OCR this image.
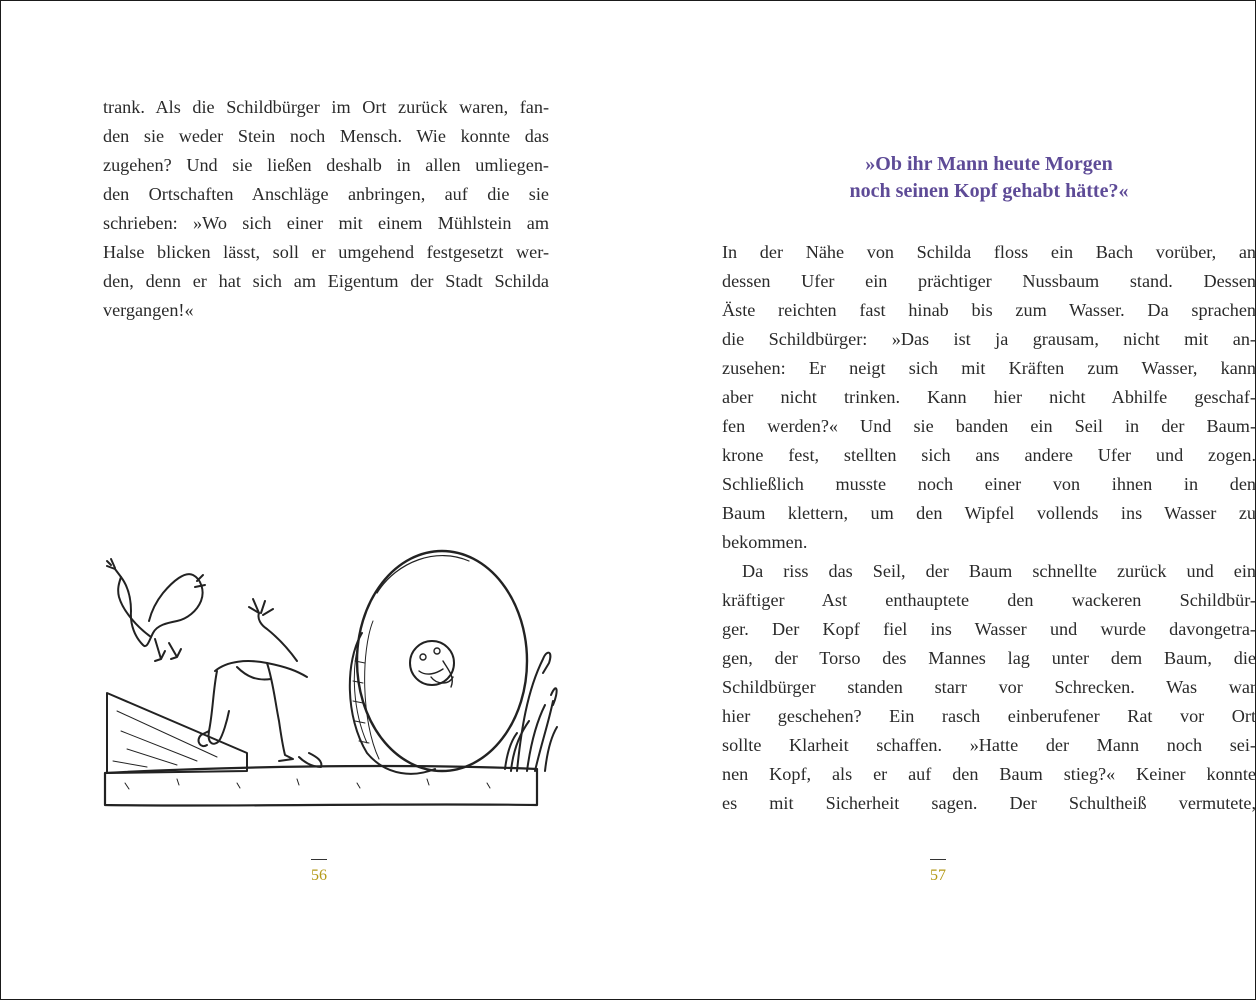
trank. Als die Schildbürger im Ort zurück waren, fan-
den sie weder Stein noch Mensch. Wie konnte das
zugehen? Und sie ließen deshalb in allen umliegen-
den Ortschaften Anschläge anbringen, auf die sie
schrieben: »Wo sich einer mit einem Mühlstein am
Halse blicken lässt, soll er umgehend festgesetzt wer-
den, denn er hat sich am Eigentum der Stadt Schilda
vergangen!«
56
»Ob ihr Mann heute Morgen
noch seinen Kopf gehabt hätte?«
In der Nähe von Schilda floss ein Bach vorüber, an
dessen Ufer ein prächtiger Nussbaum stand. Dessen
Äste reichten fast hinab bis zum Wasser. Da sprachen
die Schildbürger: »Das ist ja grausam, nicht mit an-
zusehen: Er neigt sich mit Kräften zum Wasser, kann
aber nicht trinken. Kann hier nicht Abhilfe geschaf-
fen werden?« Und sie banden ein Seil in der Baum-
krone fest, stellten sich ans andere Ufer und zogen.
Schließlich musste noch einer von ihnen in den
Baum klettern, um den Wipfel vollends ins Wasser zu
bekommen.
Da riss das Seil, der Baum schnellte zurück und ein
kräftiger Ast enthauptete den wackeren Schildbür-
ger. Der Kopf fiel ins Wasser und wurde davongetra-
gen, der Torso des Mannes lag unter dem Baum, die
Schildbürger standen starr vor Schrecken. Was war
hier geschehen? Ein rasch einberufener Rat vor Ort
sollte Klarheit schaffen. »Hatte der Mann noch sei-
nen Kopf, als er auf den Baum stieg?« Keiner konnte
es mit Sicherheit sagen. Der Schultheiß vermutete,
57
